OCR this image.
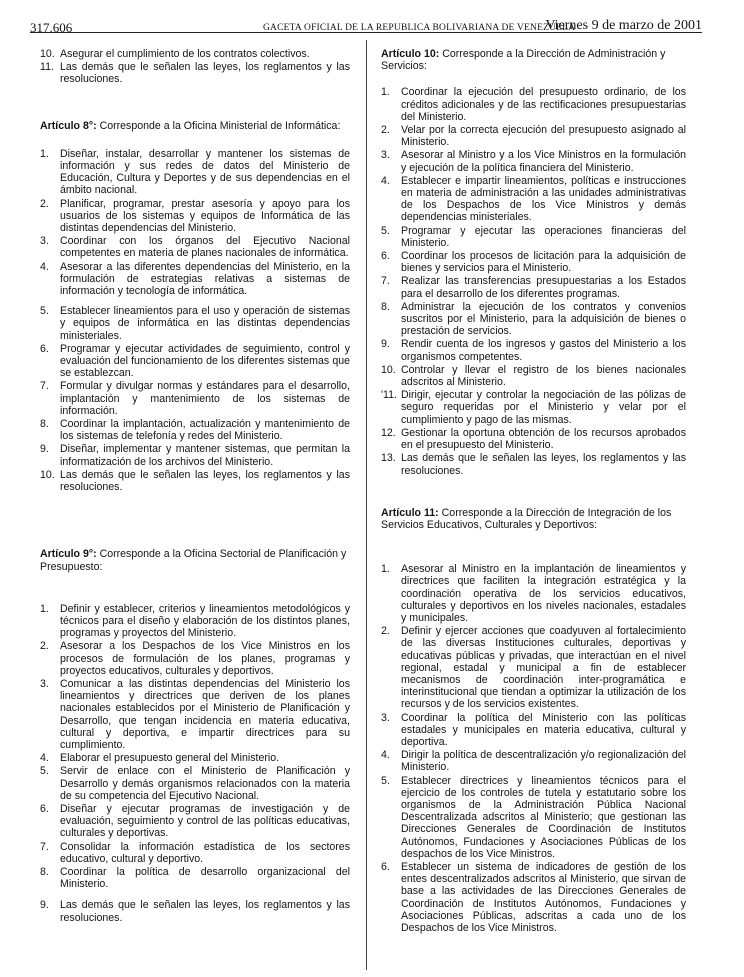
317.606	GACETA OFICIAL DE LA REPUBLICA BOLIVARIANA DE VENEZUELA
Viernes 9 de marzo de 2001
10. Asegurar el cumplimiento de los contratos colectivos.
11. Las demás que le señalen las leyes, los reglamentos y las resoluciones.

Artículo 8°: Corresponde a la Oficina Ministerial de Informática:

1. Diseñar, instalar, desarrollar y mantener los sistemas de información y sus redes de datos del Ministerio de Educación, Cultura y Deportes y de sus dependencias en el ámbito nacional.
2. Planificar, programar, prestar asesoría y apoyo para los usuarios de los sistemas y equipos de Informática de las distintas dependencias del Ministerio.
3. Coordinar con los órganos del Ejecutivo Nacional competentes en materia de planes nacionales de informática.
4. Asesorar a las diferentes dependencias del Ministerio, en la formulación de estrategias relativas a sistemas de información y tecnología de informática.
5. Establecer lineamientos para el uso y operación de sistemas y equipos de informática en las distintas dependencias ministeriales.
6. Programar y ejecutar actividades de seguimiento, control y evaluación del funcionamiento de los diferentes sistemas que se establezcan.
7. Formular y divulgar normas y estándares para el desarrollo, implantación y mantenimiento de los sistemas de información.
8. Coordinar la implantación, actualización y mantenimiento de los sistemas de telefonía y redes del Ministerio.
9. Diseñar, implementar y mantener sistemas, que permitan la informatización de los archivos del Ministerio.
10. Las demás que le señalen las leyes, los reglamentos y las resoluciones.

Artículo 9°: Corresponde a la Oficina Sectorial de Planificación y Presupuesto:

1. Definir y establecer, criterios y lineamientos metodológicos y técnicos para el diseño y elaboración de los distintos planes, programas y proyectos del Ministerio.
2. Asesorar a los Despachos de los Vice Ministros en los procesos de formulación de los planes, programas y proyectos educativos, culturales y deportivos.
3. Comunicar a las distintas dependencias del Ministerio los lineamientos y directrices que deriven de los planes nacionales establecidos por el Ministerio de Planificación y Desarrollo, que tengan incidencia en materia educativa, cultural y deportiva, e impartir directrices para su cumplimiento.
4. Elaborar el presupuesto general del Ministerio.
5. Servir de enlace con el Ministerio de Planificación y Desarrollo y demás organismos relacionados con la materia de su competencia del Ejecutivo Nacional.
6. Diseñar y ejecutar programas de investigación y de evaluación, seguimiento y control de las políticas educativas, culturales y deportivas.
7. Consolidar la información estadística de los sectores educativo, cultural y deportivo.
8. Coordinar la política de desarrollo organizacional del Ministerio.
9. Las demás que le señalen las leyes, los reglamentos y las resoluciones.

Artículo 10: Corresponde a la Dirección de Administración y Servicios:

1. Coordinar la ejecución del presupuesto ordinario, de los créditos adicionales y de las rectificaciones presupuestarias del Ministerio.
2. Velar por la correcta ejecución del presupuesto asignado al Ministerio.
3. Asesorar al Ministro y a los Vice Ministros en la formulación y ejecución de la política financiera del Ministerio.
4. Establecer e impartir lineamientos, políticas e instrucciones en materia de administración a las unidades administrativas de los Despachos de los Vice Ministros y demás dependencias ministeriales.
5. Programar y ejecutar las operaciones financieras del Ministerio.
6. Coordinar los procesos de licitación para la adquisición de bienes y servicios para el Ministerio.
7. Realizar las transferencias presupuestarias a los Estados para el desarrollo de los diferentes programas.
8. Administrar la ejecución de los contratos y convenios suscritos por el Ministerio, para la adquisición de bienes o prestación de servicios.
9. Rendir cuenta de los ingresos y gastos del Ministerio a los organismos competentes.
10. Controlar y llevar el registro de los bienes nacionales adscritos al Ministerio.
'11. Dirigir, ejecutar y controlar la negociación de las pólizas de seguro requeridas por el Ministerio y velar por el cumplimiento y pago de las mismas.
12. Gestionar la oportuna obtención de los recursos aprobados en el presupuesto del Ministerio.
13. Las demás que le señalen las leyes, los reglamentos y las resoluciones.

Artículo 11: Corresponde a la Dirección de Integración de los Servicios Educativos, Culturales y Deportivos:

1. Asesorar al Ministro en la implantación de lineamientos y directrices que faciliten la integración estratégica y la coordinación operativa de los servicios educativos, culturales y deportivos en los niveles nacionales, estadales y municipales.
2. Definir y ejercer acciones que coadyuven al fortalecimiento de las diversas Instituciones culturales, deportivas y educativas públicas y privadas, que interactúan en el nivel regional, estadal y municipal a fin de establecer mecanismos de coordinación inter-programática e interinstitucional que tiendan a optimizar la utilización de los recursos y de los servicios existentes.
3. Coordinar la política del Ministerio con las políticas estadales y municipales en materia educativa, cultural y deportiva.
4. Dirigir la política de descentralización y/o regionalización del Ministerio.
5. Establecer directrices y lineamientos técnicos para el ejercicio de los controles de tutela y estatutario sobre los organismos de la Administración Pública Nacional Descentralizada adscritos al Ministerio; que gestionan las Direcciones Generales de Coordinación de Institutos Autónomos, Fundaciones y Asociaciones Públicas de los despachos de los Vice Ministros.
6. Establecer un sistema de indicadores de gestión de los entes descentralizados adscritos al Ministerio, que sirvan de base a las actividades de las Direcciones Generales de Coordinación de Institutos Autónomos, Fundaciones y Asociaciones Públicas, adscritas a cada uno de los Despachos de los Vice Ministros.
